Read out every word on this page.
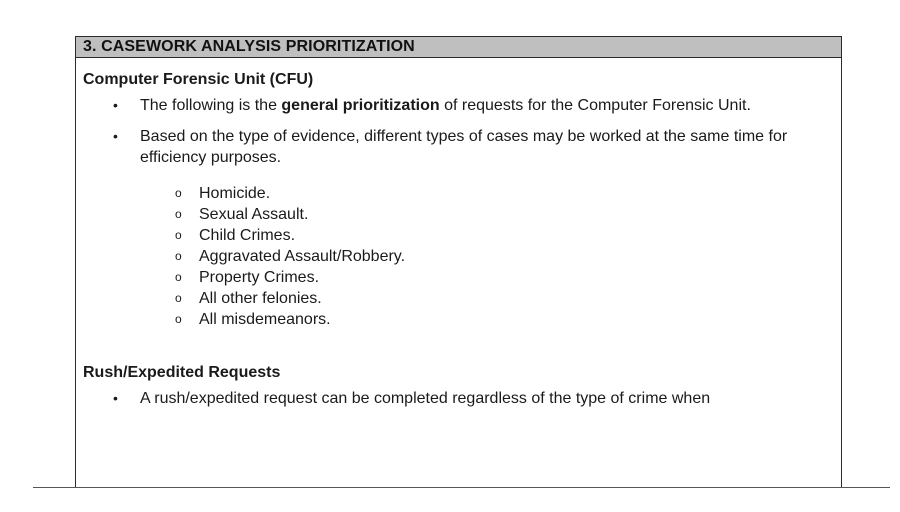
3. CASEWORK ANALYSIS PRIORITIZATION
Computer Forensic Unit (CFU)
• The following is the general prioritization of requests for the Computer Forensic Unit.
• Based on the type of evidence, different types of cases may be worked at the same time for efficiency purposes.
o Homicide.
o Sexual Assault.
o Child Crimes.
o Aggravated Assault/Robbery.
o Property Crimes.
o All other felonies.
o All misdemeanors.
Rush/Expedited Requests
• A rush/expedited request can be completed regardless of the type of crime when
